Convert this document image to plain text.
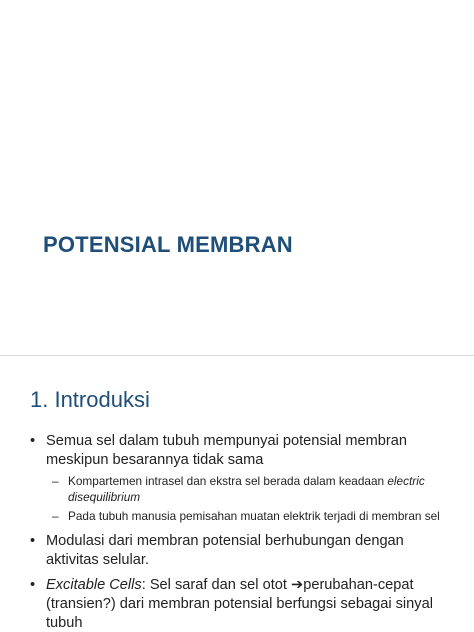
POTENSIAL MEMBRAN
1. Introduksi
• Semua sel dalam tubuh mempunyai potensial membran meskipun besarannya tidak sama
– Kompartemen intrasel dan ekstra sel berada dalam keadaan electric disequilibrium
– Pada tubuh manusia pemisahan muatan elektrik terjadi di membran sel
• Modulasi dari membran potensial berhubungan dengan aktivitas selular.
• Excitable Cells: Sel saraf dan sel otot ➔perubahan-cepat (transien?) dari membran potensial berfungsi sebagai sinyal tubuh
